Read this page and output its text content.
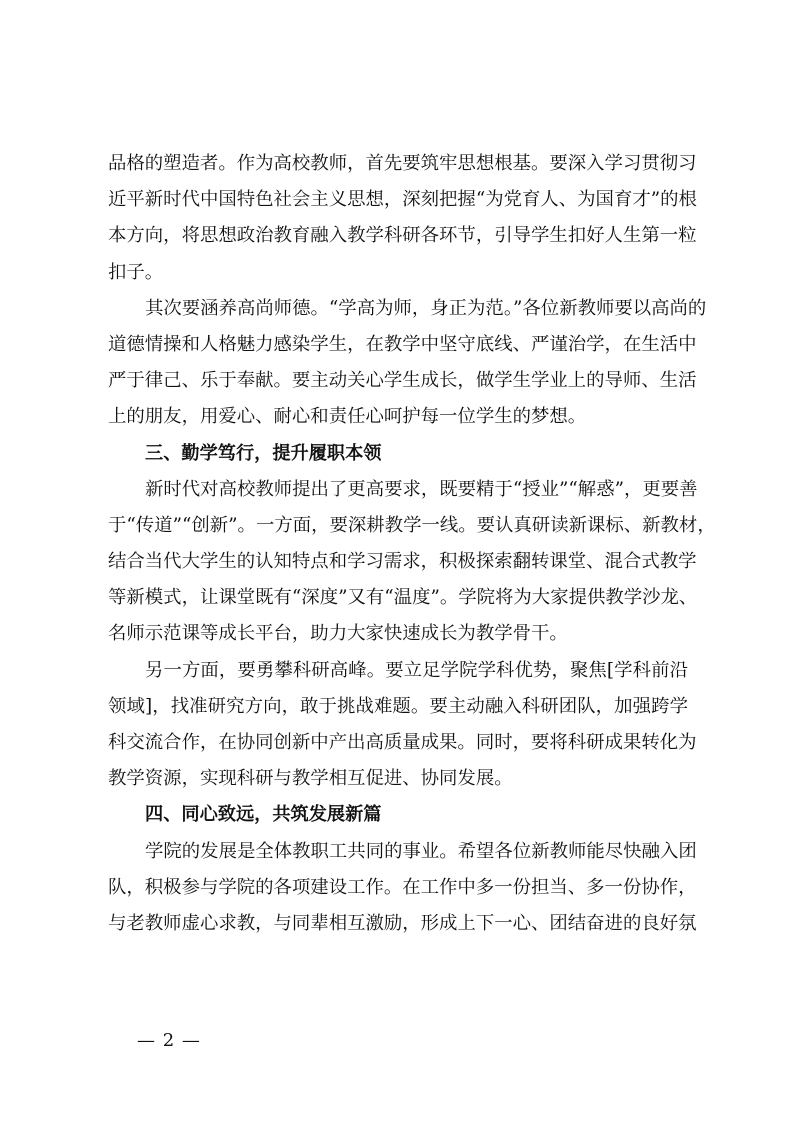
品格的塑造者。作为高校教师，首先要筑牢思想根基。要深入学习贯彻习
近平新时代中国特色社会主义思想，深刻把握“为党育人、为国育才”的根
本方向，将思想政治教育融入教学科研各环节，引导学生扣好人生第一粒
扣子。
其次要涵养高尚师德。“学高为师，身正为范。”各位新教师要以高尚的
道德情操和人格魅力感染学生，在教学中坚守底线、严谨治学，在生活中
严于律己、乐于奉献。要主动关心学生成长，做学生学业上的导师、生活
上的朋友，用爱心、耐心和责任心呵护每一位学生的梦想。
三、勤学笃行，提升履职本领
新时代对高校教师提出了更高要求，既要精于“授业”“解惑”，更要善
于“传道”“创新”。一方面，要深耕教学一线。要认真研读新课标、新教材，
结合当代大学生的认知特点和学习需求，积极探索翻转课堂、混合式教学
等新模式，让课堂既有“深度”又有“温度”。学院将为大家提供教学沙龙、
名师示范课等成长平台，助力大家快速成长为教学骨干。
另一方面，要勇攀科研高峰。要立足学院学科优势，聚焦[学科前沿
领域]，找准研究方向，敢于挑战难题。要主动融入科研团队，加强跨学
科交流合作，在协同创新中产出高质量成果。同时，要将科研成果转化为
教学资源，实现科研与教学相互促进、协同发展。
四、同心致远，共筑发展新篇
学院的发展是全体教职工共同的事业。希望各位新教师能尽快融入团
队，积极参与学院的各项建设工作。在工作中多一份担当、多一份协作，
与老教师虚心求教，与同辈相互激励，形成上下一心、团结奋进的良好氛
— 2 —
